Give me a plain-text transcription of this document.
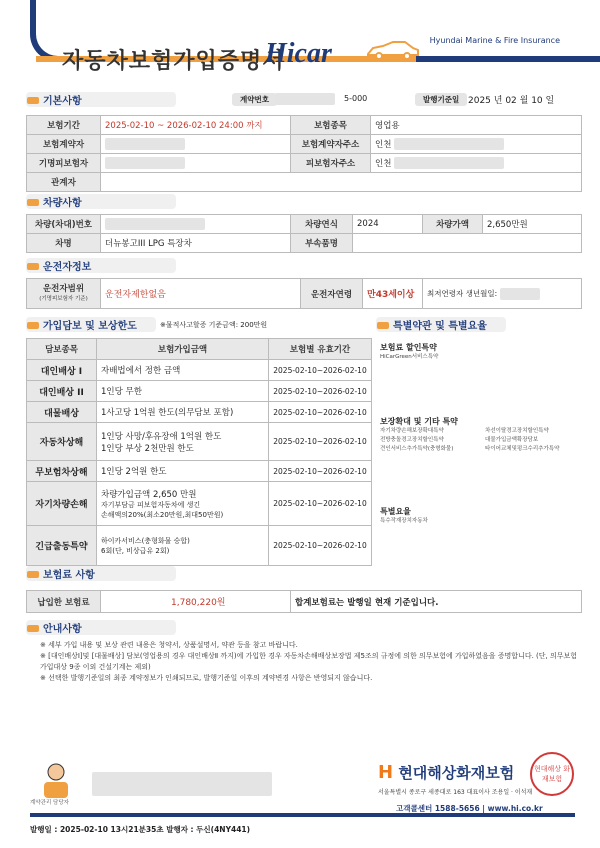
Hyundai Marine & Fire Insurance
자동차보험가입증명서
Hicar
기본사항	계약번호	5-000	발행기준일 2025 년 02 월 10 일
보험기간	2025-02-10 ~ 2026-02-10 24:00 까지	보험종목	영업용
보험계약자		보험계약자주소	인천
기명피보험자		피보험자주소	인천
관계자			
차량사항
차량(차대)번호		차량연식	2024	차량가액	2,650만원
차명	더뉴봉고III LPG 특장차	부속품명			
운전자정보
운전자범위
(기명피보험자 기준)	운전자제한없음	운전자연령	만43세이상	최저연령자 생년월일:
가입담보 및 보상한도	※물적사고할증 기준금액: 200만원
담보종목	보험가입금액	보험별 유효기간
대인배상 I	자배법에서 정한 금액	2025-02-10~2026-02-10
대인배상 II	1인당 무한	2025-02-10~2026-02-10
대물배상	1사고당 1억원 한도(의무담보 포함)	2025-02-10~2026-02-10
자동차상해	1인당 사망/후유장애 1억원 한도
1인당 부상 2천만원 한도	2025-02-10~2026-02-10
무보험차상해	1인당 2억원 한도	2025-02-10~2026-02-10
자기차량손해	차량가입금액 2,650 만원
자기부담금 피보험자동차에 생긴
손해액의20%(최소20만원,최대50만원)	2025-02-10~2026-02-10
긴급출동특약	하이카서비스(충형화물 승합)
6회(단, 비상급유 2회)	2025-02-10~2026-02-10
특별약관 및 특별요율
보험료 할인특약
HiCarGreen서비스특약
보장확대 및 기타 특약
자기차량손해보장확대특약	차선이탈경고장치할인특약
전방충돌경고장치할인특약	대물가입금액확장담보
견인서비스추가특약(충형화물)	타이어교체및펑크수리추가특약
특별요율
특수작재장치자동차
보험료 사항
납입한 보험료	1,780,220원	합계보험료는 발행일 현재 기준입니다.
안내사항
※ 세부 가입 내용 및 보상 관련 내용은 청약서, 상품설명서, 약관 등을 참고 바랍니다.
※ [대인배상Ⅰ]및 [대물배상] 담보(영업용의 경우 대인배상Ⅱ 까지)에 가입한 경우 자동차손해배상보장법 제5조의 규정에 의한 의무보험에 가입하였음을 증명합니다. (단, 의무보험 가입대상 9종 이외 건설기계는 제외)
※ 선택한 발행기준일의 최종 계약정보가 인쇄되므로, 발행기준일 이후의 계약변경 사항은 반영되지 않습니다.
계약관리 담당자
H 현대해상화재보험
서울특별시 종로구 세종대로 163 대표이사 조용일 · 이석재
고객콜센터 1588-5656 | www.hi.co.kr
현대해상 화재보험
발행일 : 2025-02-10 13시21분35초 발행자 : 두신(4NY441)
